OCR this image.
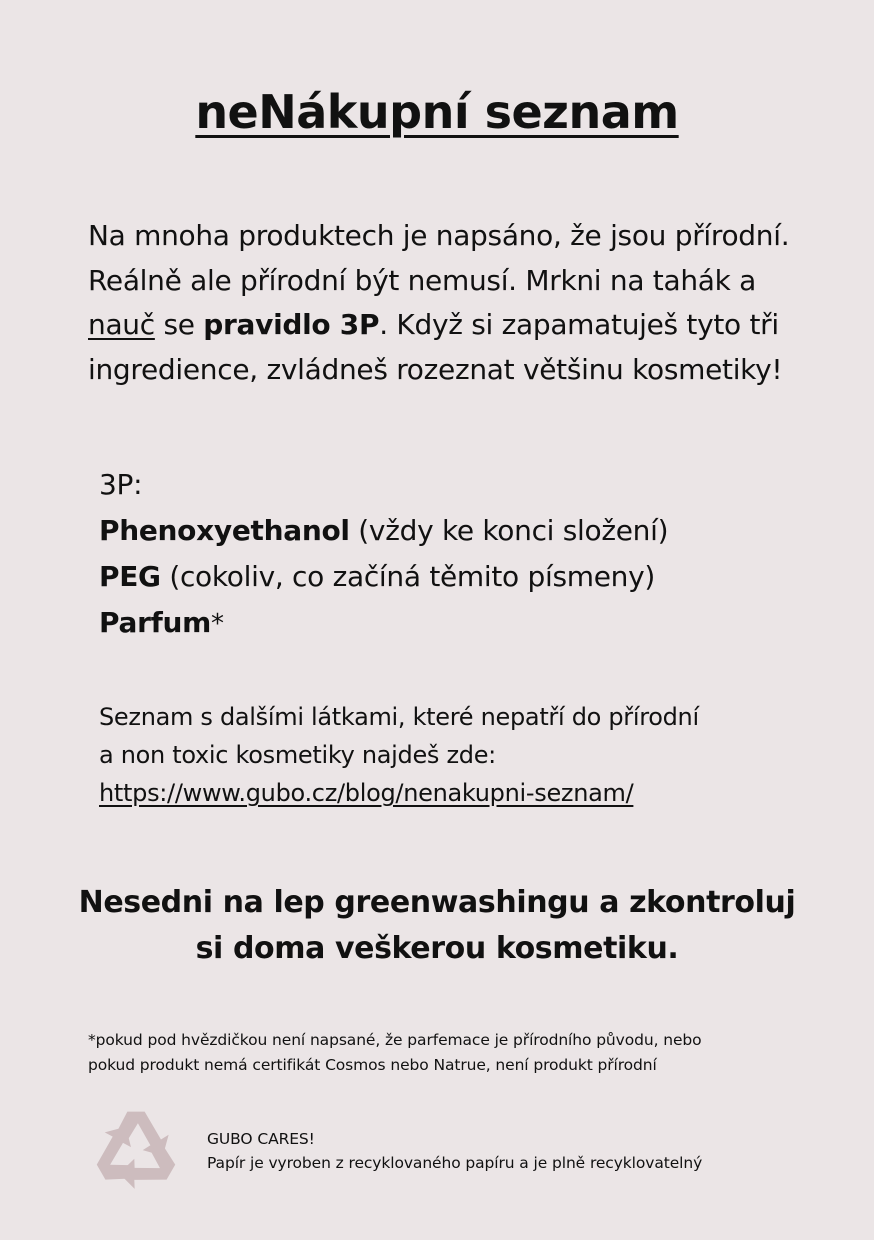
neNákupní seznam
Na mnoha produktech je napsáno, že jsou přírodní. Reálně ale přírodní být nemusí. Mrkni na tahák a nauč se pravidlo 3P. Když si zapamatuješ tyto tři ingredience, zvládneš rozeznat většinu kosmetiky!
3P:
Phenoxyethanol (vždy ke konci složení)
PEG (cokoliv, co začíná těmito písmeny)
Parfum*
Seznam s dalšími látkami, které nepatří do přírodní
a non toxic kosmetiky najdeš zde:
https://www.gubo.cz/blog/nenakupni-seznam/
Nesedni na lep greenwashingu a zkontroluj
si doma veškerou kosmetiku.
*pokud pod hvězdičkou není napsané, že parfemace je přírodního původu, nebo
pokud produkt nemá certifikát Cosmos nebo Natrue, není produkt přírodní
GUBO CARES!
Papír je vyroben z recyklovaného papíru a je plně recyklovatelný
